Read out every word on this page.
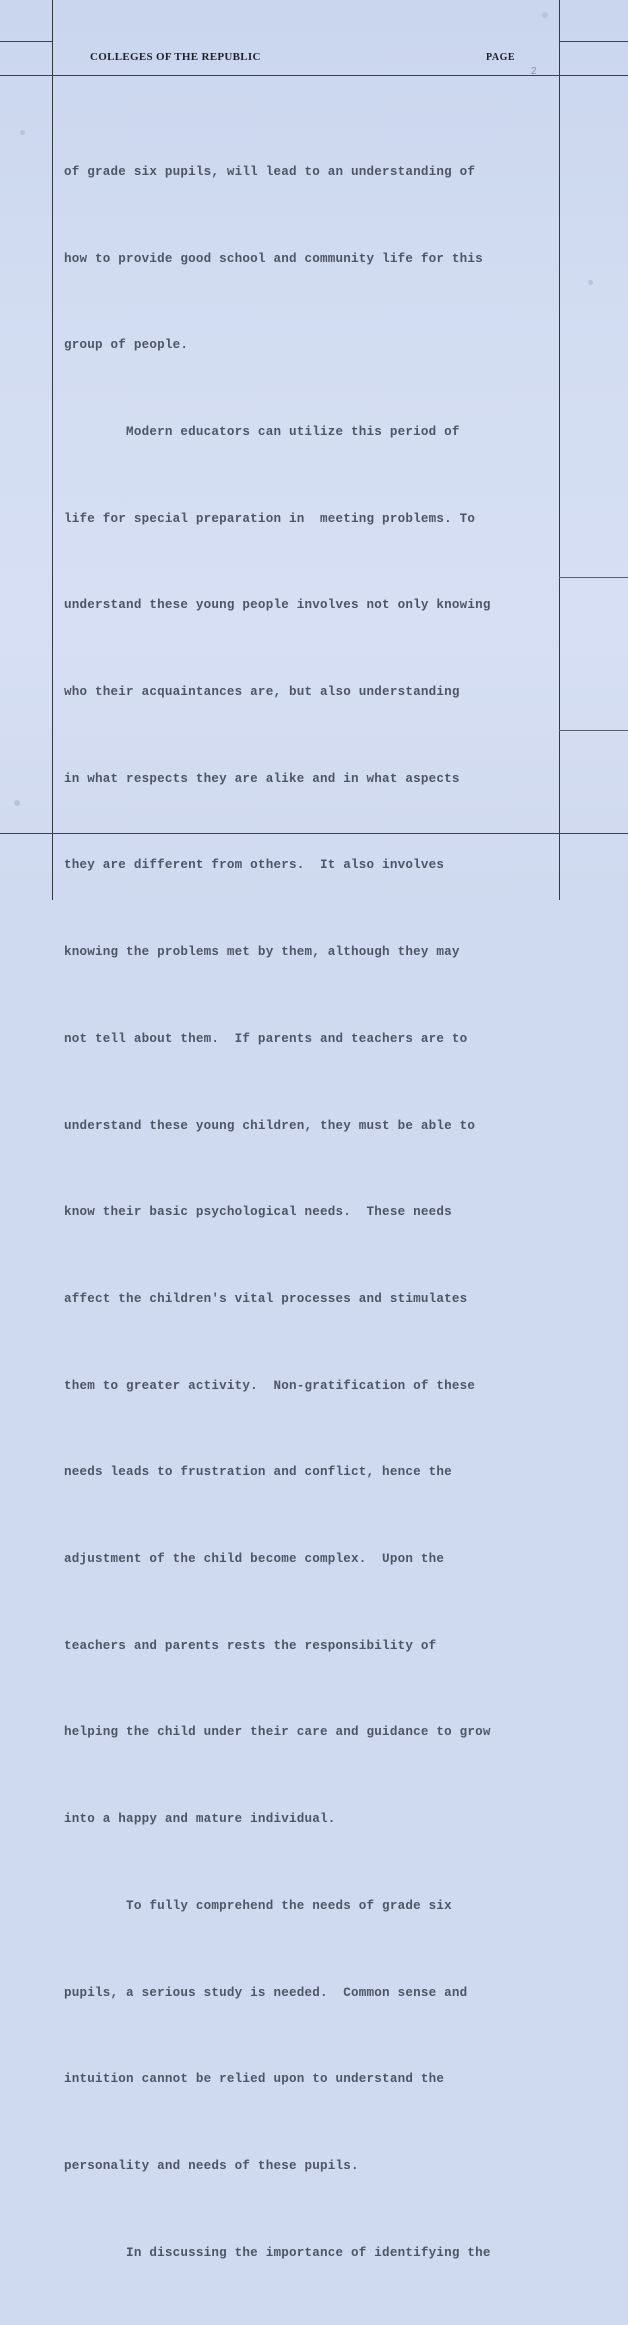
COLLEGES OF THE REPUBLIC	PAGE
2

of grade six pupils, will lead to an understanding of

how to provide good school and community life for this

group of people.

Modern educators can utilize this period of

life for special preparation in  meeting problems. To

understand these young people involves not only knowing

who their acquaintances are, but also understanding

in what respects they are alike and in what aspects

they are different from others.  It also involves

knowing the problems met by them, although they may

not tell about them.  If parents and teachers are to

understand these young children, they must be able to

know their basic psychological needs.  These needs

affect the children's vital processes and stimulates

them to greater activity.  Non-gratification of these

needs leads to frustration and conflict, hence the

adjustment of the child become complex.  Upon the

teachers and parents rests the responsibility of

helping the child under their care and guidance to grow

into a happy and mature individual.

To fully comprehend the needs of grade six

pupils, a serious study is needed.  Common sense and

intuition cannot be relied upon to understand the

personality and needs of these pupils.

In discussing the importance of identifying the
